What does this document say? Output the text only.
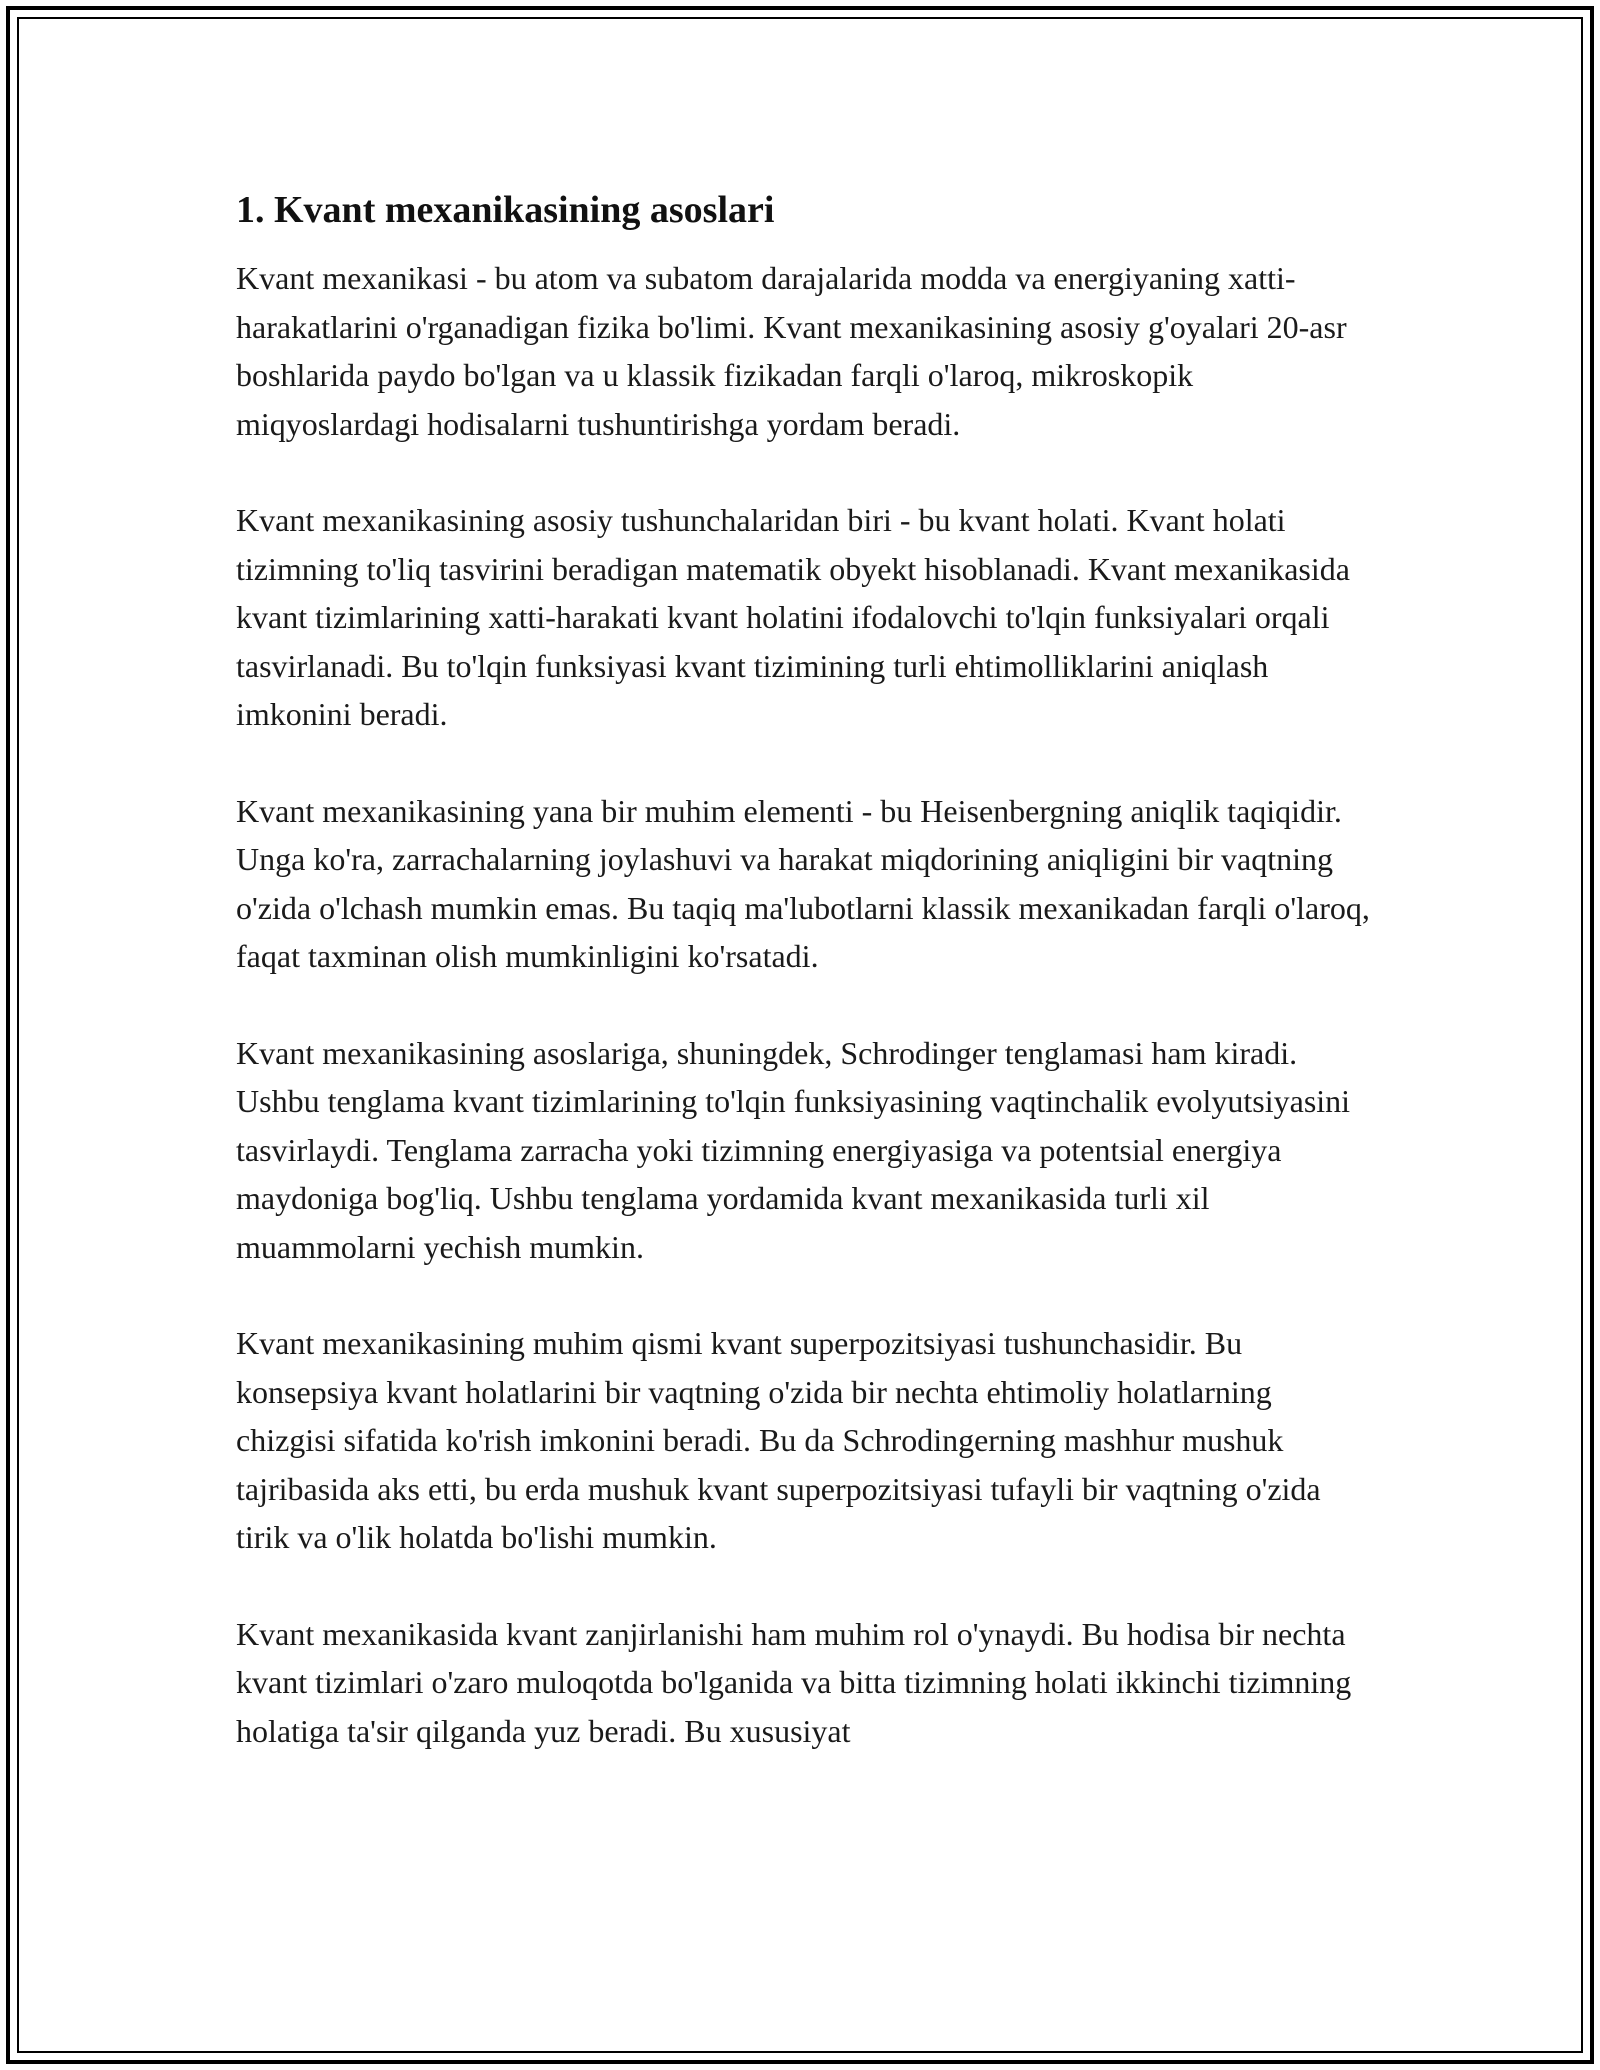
1. Kvant mexanikasining asoslari

Kvant mexanikasi - bu atom va subatom darajalarida modda va energiyaning xatti-harakatlarini o'rganadigan fizika bo'limi. Kvant mexanikasining asosiy g'oyalari 20-asr boshlarida paydo bo'lgan va u klassik fizikadan farqli o'laroq, mikroskopik miqyoslardagi hodisalarni tushuntirishga yordam beradi.

Kvant mexanikasining asosiy tushunchalaridan biri - bu kvant holati. Kvant holati tizimning to'liq tasvirini beradigan matematik obyekt hisoblanadi. Kvant mexanikasida kvant tizimlarining xatti-harakati kvant holatini ifodalovchi to'lqin funksiyalari orqali tasvirlanadi. Bu to'lqin funksiyasi kvant tizimining turli ehtimolliklarini aniqlash imkonini beradi.

Kvant mexanikasining yana bir muhim elementi - bu Heisenbergning aniqlik taqiqidir. Unga ko'ra, zarrachalarning joylashuvi va harakat miqdorining aniqligini bir vaqtning o'zida o'lchash mumkin emas. Bu taqiq ma'lubotlarni klassik mexanikadan farqli o'laroq, faqat taxminan olish mumkinligini ko'rsatadi.

Kvant mexanikasining asoslariga, shuningdek, Schrodinger tenglamasi ham kiradi. Ushbu tenglama kvant tizimlarining to'lqin funksiyasining vaqtinchalik evolyutsiyasini tasvirlaydi. Tenglama zarracha yoki tizimning energiyasiga va potentsial energiya maydoniga bog'liq. Ushbu tenglama yordamida kvant mexanikasida turli xil muammolarni yechish mumkin.

Kvant mexanikasining muhim qismi kvant superpozitsiyasi tushunchasidir. Bu konsepsiya kvant holatlarini bir vaqtning o'zida bir nechta ehtimoliy holatlarning chizgisi sifatida ko'rish imkonini beradi. Bu da Schrodingerning mashhur mushuk tajribasida aks etti, bu erda mushuk kvant superpozitsiyasi tufayli bir vaqtning o'zida tirik va o'lik holatda bo'lishi mumkin.

Kvant mexanikasida kvant zanjirlanishi ham muhim rol o'ynaydi. Bu hodisa bir nechta kvant tizimlari o'zaro muloqotda bo'lganida va bitta tizimning holati ikkinchi tizimning holatiga ta'sir qilganda yuz beradi. Bu xususiyat
